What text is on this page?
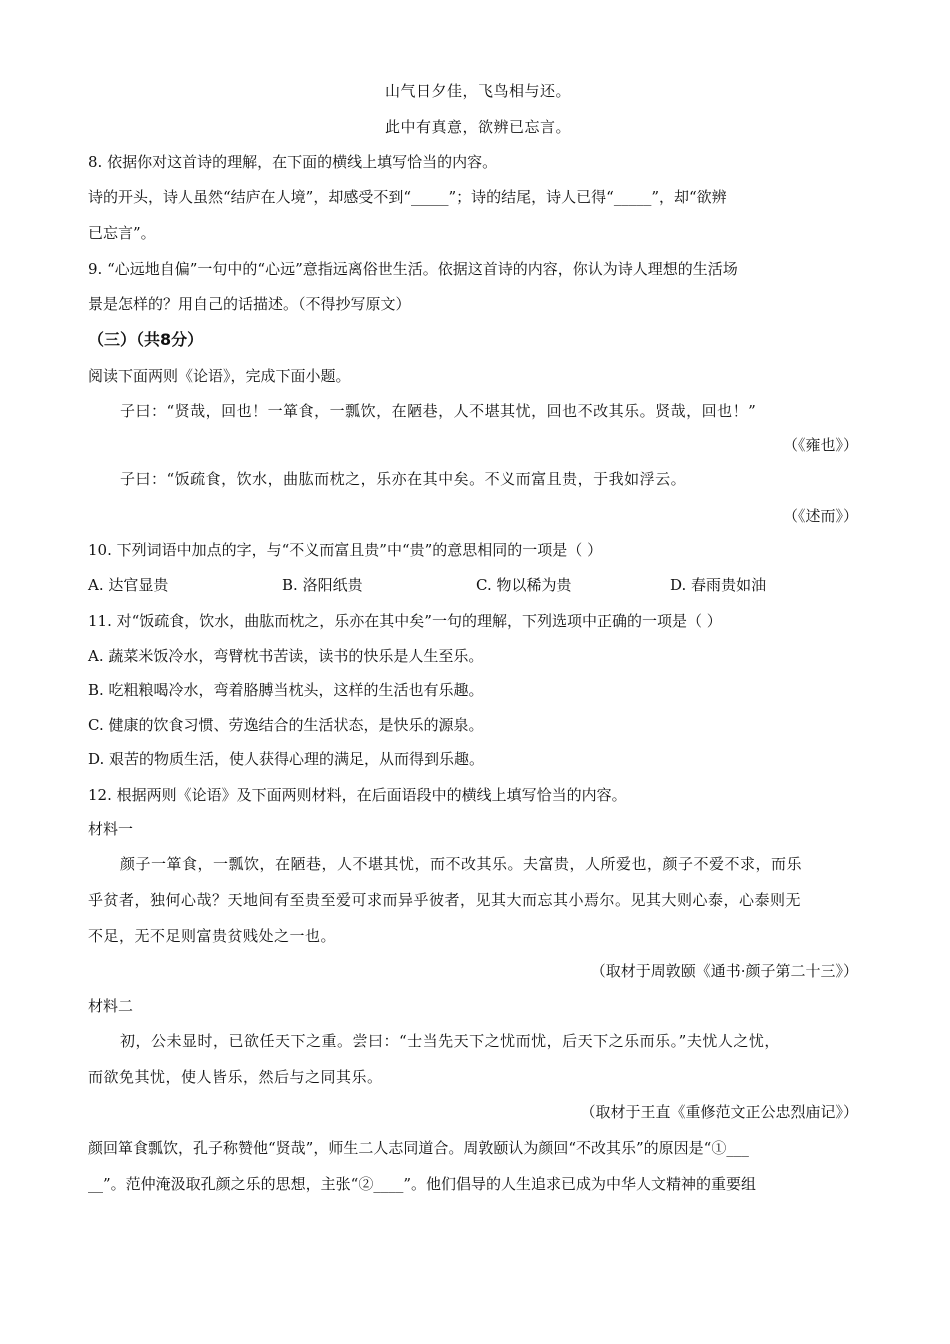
山气日夕佳，飞鸟相与还。
此中有真意，欲辨已忘言。
8. 依据你对这首诗的理解，在下面的横线上填写恰当的内容。
诗的开头，诗人虽然“结庐在人境”，却感受不到“_____”；诗的结尾，诗人已得“_____”，却“欲辨
已忘言”。
9. “心远地自偏”一句中的“心远”意指远离俗世生活。依据这首诗的内容，你认为诗人理想的生活场
景是怎样的？用自己的话描述。（不得抄写原文）
（三）（共8分）
阅读下面两则《论语》，完成下面小题。
子曰：“贤哉，回也！一箪食，一瓢饮，在陋巷，人不堪其忧，回也不改其乐。贤哉，回也！”
（《雍也》）
子曰：“饭疏食，饮水，曲肱而枕之，乐亦在其中矣。不义而富且贵，于我如浮云。
（《述而》）
10. 下列词语中加点的字，与“不义而富且贵”中“贵”的意思相同的一项是（ ）
A. 达官显贵	B. 洛阳纸贵	C. 物以稀为贵	D. 春雨贵如油
11. 对“饭疏食，饮水，曲肱而枕之，乐亦在其中矣”一句的理解，下列选项中正确的一项是（ ）
A. 蔬菜米饭冷水，弯臂枕书苦读，读书的快乐是人生至乐。
B. 吃粗粮喝冷水，弯着胳膊当枕头，这样的生活也有乐趣。
C. 健康的饮食习惯、劳逸结合的生活状态，是快乐的源泉。
D. 艰苦的物质生活，使人获得心理的满足，从而得到乐趣。
12. 根据两则《论语》及下面两则材料，在后面语段中的横线上填写恰当的内容。
材料一
颜子一箪食，一瓢饮，在陋巷，人不堪其忧，而不改其乐。夫富贵，人所爱也，颜子不爱不求，而乐
乎贫者，独何心哉？天地间有至贵至爱可求而异乎彼者，见其大而忘其小焉尔。见其大则心泰，心泰则无
不足，无不足则富贵贫贱处之一也。
（取材于周敦颐《通书·颜子第二十三》）
材料二
初，公未显时，已欲任天下之重。尝曰：“士当先天下之忧而忧，后天下之乐而乐。”夫忧人之忧，
而欲免其忧，使人皆乐，然后与之同其乐。
（取材于王直《重修范文正公忠烈庙记》）
颜回箪食瓢饮，孔子称赞他“贤哉”，师生二人志同道合。周敦颐认为颜回“不改其乐”的原因是“①___
__”。范仲淹汲取孔颜之乐的思想，主张“②____”。他们倡导的人生追求已成为中华人文精神的重要组
